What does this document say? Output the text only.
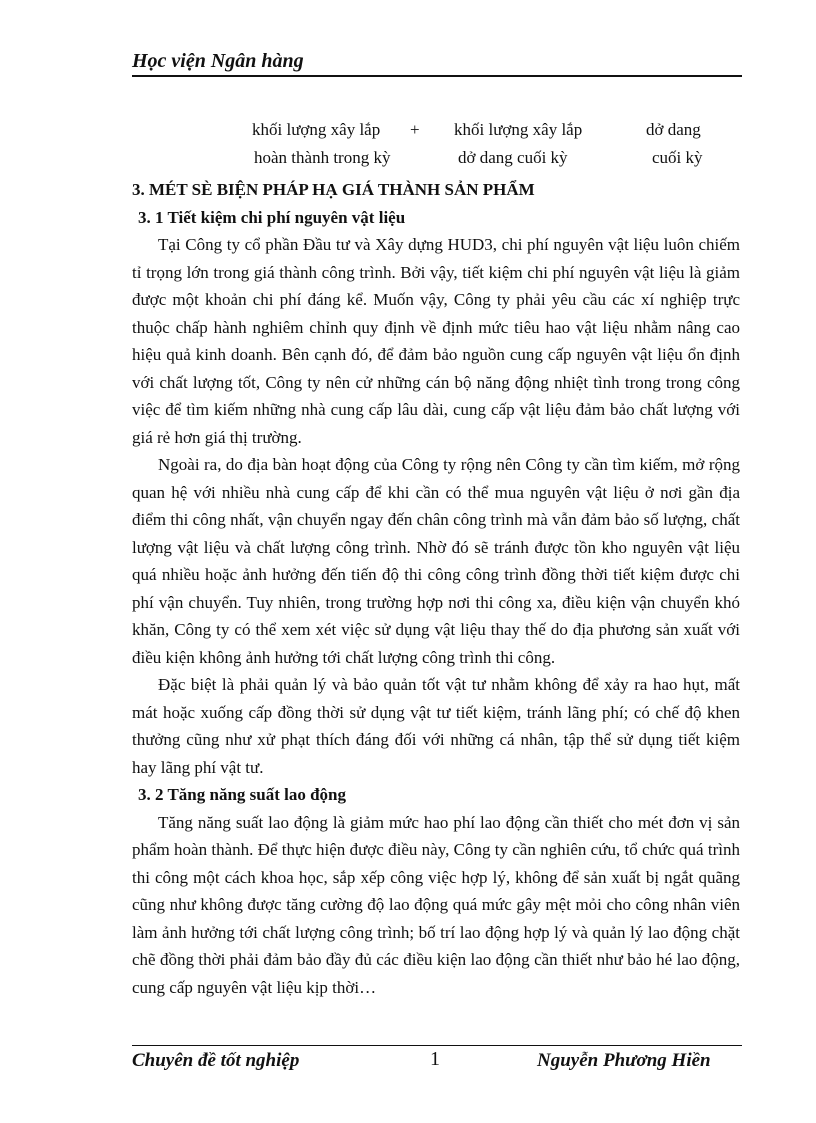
Học viện Ngân hàng
khối lượng xây lắp + khối lượng xây lắp	dở dang
hoàn thành trong kỳ	dở dang cuối kỳ	cuối kỳ
3. MÉT SÈ BIỆN PHÁP HẠ GIÁ THÀNH SẢN PHẨM
3. 1 Tiết kiệm chi phí nguyên vật liệu

Tại Công ty cổ phần Đầu tư và Xây dựng HUD3, chi phí nguyên vật liệu luôn chiếm tỉ trọng lớn trong giá thành công trình. Bởi vậy, tiết kiệm chi phí nguyên vật liệu là giảm được một khoản chi phí đáng kể. Muốn vậy, Công ty phải yêu cầu các xí nghiệp trực thuộc chấp hành nghiêm chỉnh quy định về định mức tiêu hao vật liệu nhằm nâng cao hiệu quả kinh doanh. Bên cạnh đó, để đảm bảo nguồn cung cấp nguyên vật liệu ổn định với chất lượng tốt, Công ty nên cử những cán bộ năng động nhiệt tình trong trong công việc để tìm kiếm những nhà cung cấp lâu dài, cung cấp vật liệu đảm bảo chất lượng với giá rẻ hơn giá thị trường.

Ngoài ra, do địa bàn hoạt động của Công ty rộng nên Công ty cần tìm kiếm, mở rộng quan hệ với nhiều nhà cung cấp để khi cần có thể mua nguyên vật liệu ở nơi gần địa điểm thi công nhất, vận chuyển ngay đến chân công trình mà vẫn đảm bảo số lượng, chất lượng vật liệu và chất lượng công trình. Nhờ đó sẽ tránh được tồn kho nguyên vật liệu quá nhiều hoặc ảnh hưởng đến tiến độ thi công công trình đồng thời tiết kiệm được chi phí vận chuyển. Tuy nhiên, trong trường hợp nơi thi công xa, điều kiện vận chuyển khó khăn, Công ty có thể xem xét việc sử dụng vật liệu thay thế do địa phương sản xuất với điều kiện không ảnh hưởng tới chất lượng công trình thi công.

Đặc biệt là phải quản lý và bảo quản tốt vật tư nhằm không để xảy ra hao hụt, mất mát hoặc xuống cấp đồng thời sử dụng vật tư tiết kiệm, tránh lãng phí; có chế độ khen thưởng cũng như xử phạt thích đáng đối với những cá nhân, tập thể sử dụng tiết kiệm hay lãng phí vật tư.

3. 2 Tăng năng suất lao động

Tăng năng suất lao động là giảm mức hao phí lao động cần thiết cho mét đơn vị sản phẩm hoàn thành. Để thực hiện được điều này, Công ty cần nghiên cứu, tổ chức quá trình thi công một cách khoa học, sắp xếp công việc hợp lý, không để sản xuất bị ngắt quãng cũng như không được tăng cường độ lao động quá mức gây mệt mỏi cho công nhân viên làm ảnh hưởng tới chất lượng công trình; bố trí lao động hợp lý và quản lý lao động chặt chẽ đồng thời phải đảm bảo đầy đủ các điều kiện lao động cần thiết như bảo hé lao động, cung cấp nguyên vật liệu kịp thời…

Chuyên đề tốt nghiệp	1	Nguyễn Phương Hiền
